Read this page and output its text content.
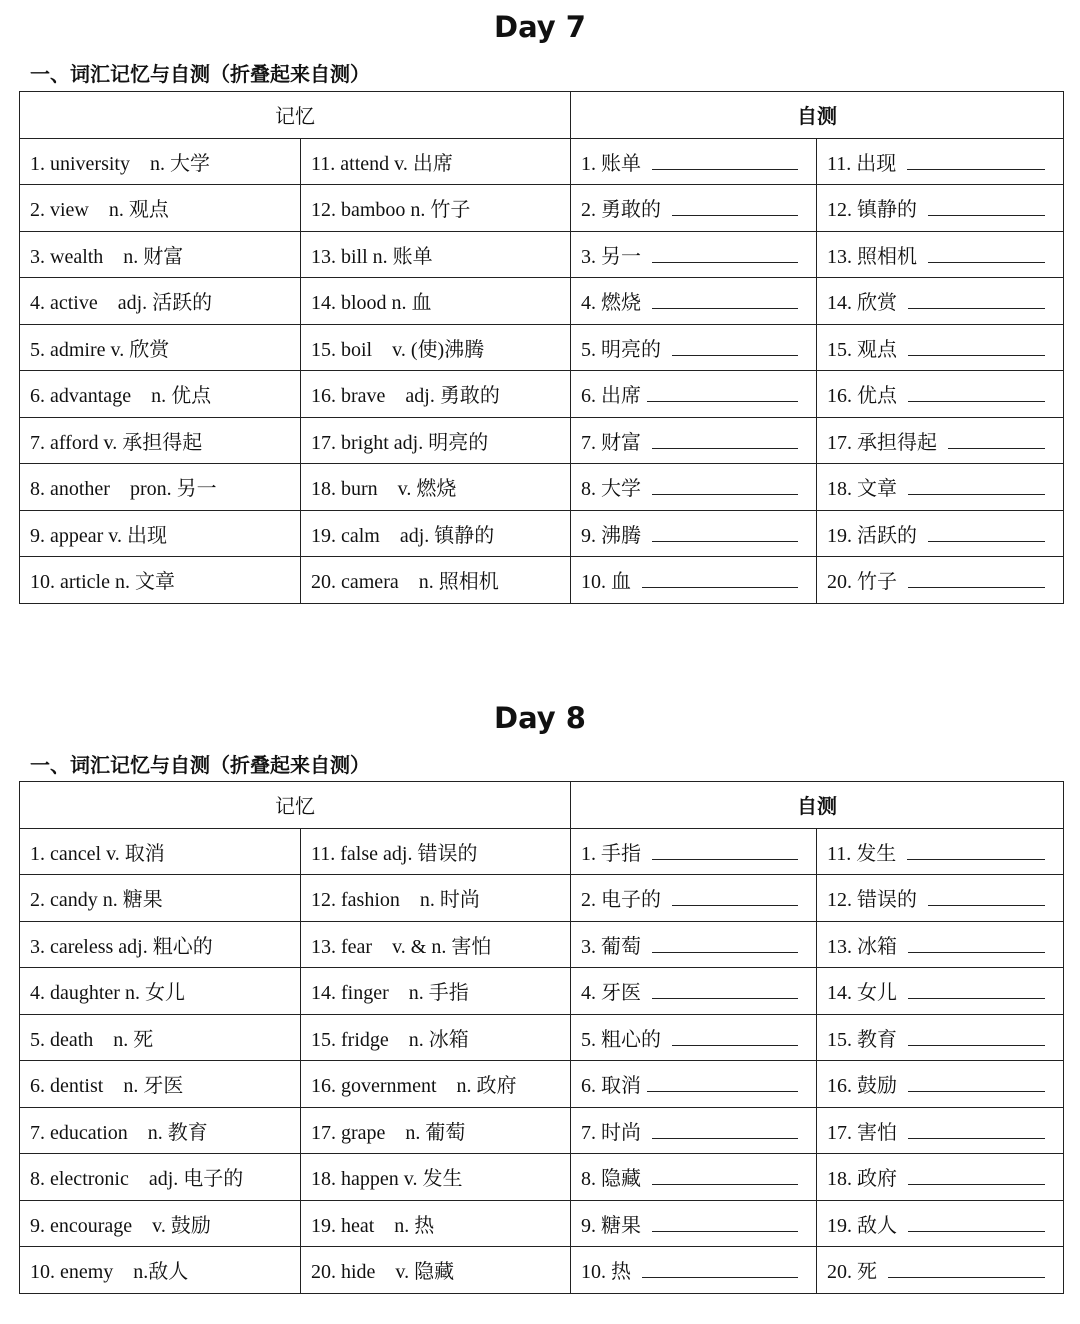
Day 7
一、词汇记忆与自测（折叠起来自测）
记忆		自测	
1. university    n. 大学	11. attend v. 出席	1. 账单	11. 出现
2. view    n. 观点	12. bamboo n. 竹子	2. 勇敢的	12. 镇静的
3. wealth    n. 财富	13. bill n. 账单	3. 另一	13. 照相机
4. active    adj. 活跃的	14. blood n. 血	4. 燃烧	14. 欣赏
5. admire v. 欣赏	15. boil    v. (使)沸腾	5. 明亮的	15. 观点
6. advantage    n. 优点	16. brave    adj. 勇敢的	6. 出席	16. 优点
7. afford v. 承担得起	17. bright adj. 明亮的	7. 财富	17. 承担得起
8. another    pron. 另一	18. burn    v. 燃烧	8. 大学	18. 文章
9. appear v. 出现	19. calm    adj. 镇静的	9. 沸腾	19. 活跃的
10. article n. 文章	20. camera    n. 照相机	10. 血	20. 竹子
Day 8
一、词汇记忆与自测（折叠起来自测）
记忆		自测	
1. cancel v. 取消	11. false adj. 错误的	1. 手指	11. 发生
2. candy n. 糖果	12. fashion    n. 时尚	2. 电子的	12. 错误的
3. careless adj. 粗心的	13. fear    v. & n. 害怕	3. 葡萄	13. 冰箱
4. daughter n. 女儿	14. finger    n. 手指	4. 牙医	14. 女儿
5. death    n. 死	15. fridge    n. 冰箱	5. 粗心的	15. 教育
6. dentist    n. 牙医	16. government    n. 政府	6. 取消	16. 鼓励
7. education    n. 教育	17. grape    n. 葡萄	7. 时尚	17. 害怕
8. electronic    adj. 电子的	18. happen v. 发生	8. 隐藏	18. 政府
9. encourage    v. 鼓励	19. heat    n. 热	9. 糖果	19. 敌人
10. enemy    n.敌人	20. hide    v. 隐藏	10. 热	20. 死
